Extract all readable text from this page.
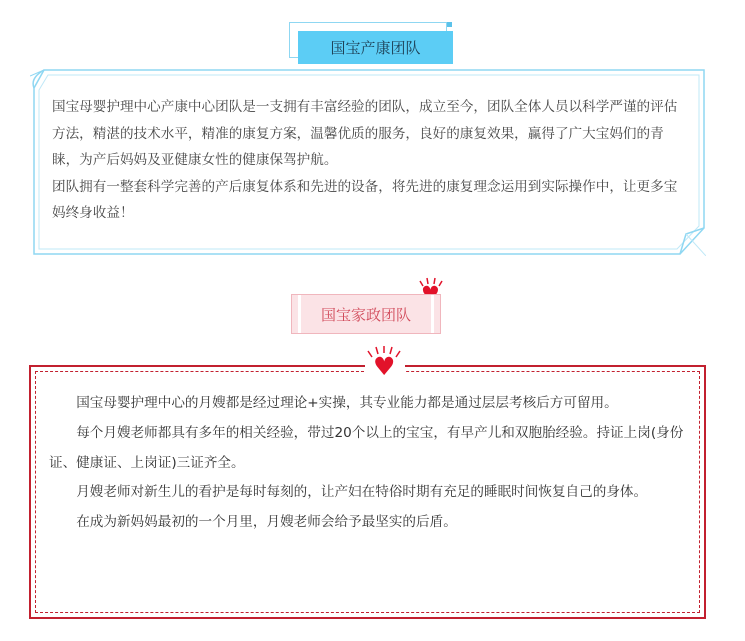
国宝产康团队

国宝母婴护理中心产康中心团队是一支拥有丰富经验的团队，成立至今，团队全体人员以科学严谨的评估方法，精湛的技术水平，精准的康复方案，温馨优质的服务，良好的康复效果，赢得了广大宝妈们的青睐，为产后妈妈及亚健康女性的健康保驾护航。

团队拥有一整套科学完善的产后康复体系和先进的设备，将先进的康复理念运用到实际操作中，让更多宝妈终身收益！

国宝家政团队

国宝母婴护理中心的月嫂都是经过理论+实操，其专业能力都是通过层层考核后方可留用。

每个月嫂老师都具有多年的相关经验，带过20个以上的宝宝，有早产儿和双胞胎经验。持证上岗(身份证、健康证、上岗证)三证齐全。

月嫂老师对新生儿的看护是每时每刻的，让产妇在特俗时期有充足的睡眠时间恢复自己的身体。

在成为新妈妈最初的一个月里，月嫂老师会给予最坚实的后盾。

♥
